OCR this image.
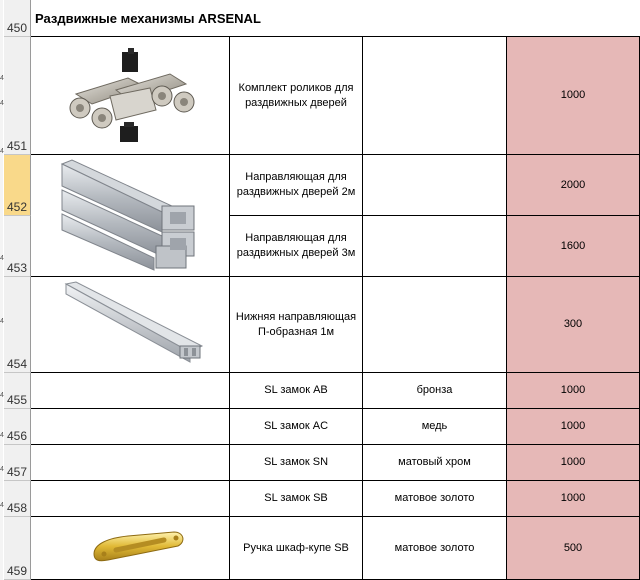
4
4
4
4
4
4
4
4
4
450
451
452
453
454
455
456
457
458
459
Раздвижные механизмы ARSENAL
Комплект роликов для раздвижных дверей
Направляющая для раздвижных дверей 2м
Направляющая для раздвижных дверей 3м
Нижняя направляющая П-образная 1м
SL замок AB
SL замок AC
SL замок SN
SL замок SB
Ручка шкаф-купе SB
бронза
медь
матовый хром
матовое золото
матовое золото
1000
2000
1600
300
1000
1000
1000
1000
500
